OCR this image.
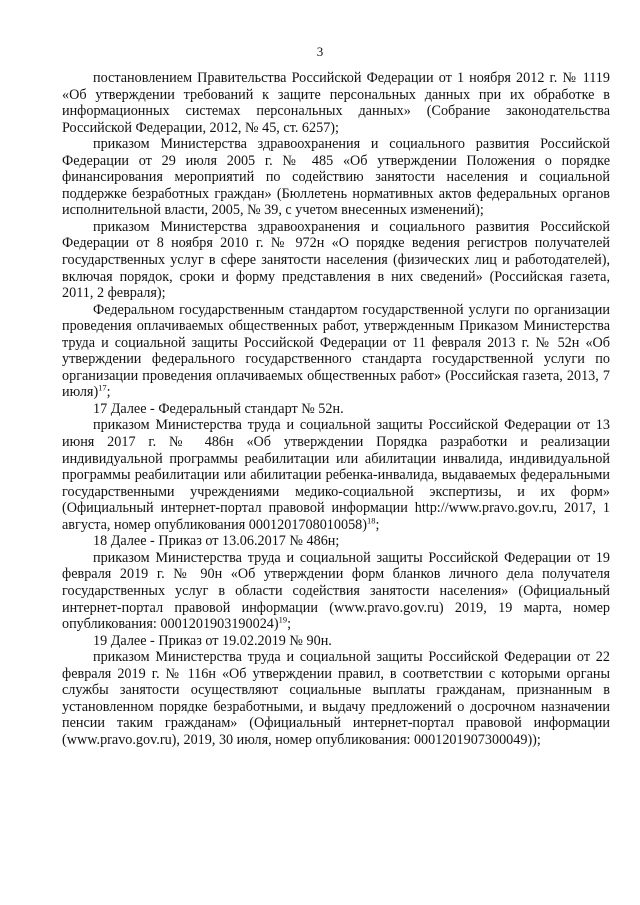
3

постановлением Правительства Российской Федерации от 1 ноября 2012 г. № 1119 «Об утверждении требований к защите персональных данных при их обработке в информационных системах персональных данных» (Собрание законодательства Российской Федерации, 2012, № 45, ст. 6257);

приказом Министерства здравоохранения и социального развития Российской Федерации от 29 июля 2005 г. № 485 «Об утверждении Положения о порядке финансирования мероприятий по содействию занятости населения и социальной поддержке безработных граждан» (Бюллетень нормативных актов федеральных органов исполнительной власти, 2005, № 39, с учетом внесенных изменений);

приказом Министерства здравоохранения и социального развития Российской Федерации от 8 ноября 2010 г. № 972н «О порядке ведения регистров получателей государственных услуг в сфере занятости населения (физических лиц и работодателей), включая порядок, сроки и форму представления в них сведений» (Российская газета, 2011, 2 февраля);

Федеральном государственным стандартом государственной услуги по организации проведения оплачиваемых общественных работ, утвержденным Приказом Министерства труда и социальной защиты Российской Федерации от 11 февраля 2013 г. № 52н «Об утверждении федерального государственного стандарта государственной услуги по организации проведения оплачиваемых общественных работ» (Российская газета, 2013, 7 июля)$^{17}$;

17 Далее - Федеральный стандарт № 52н.

приказом Министерства труда и социальной защиты Российской Федерации от 13 июня 2017 г. № 486н «Об утверждении Порядка разработки и реализации индивидуальной программы реабилитации или абилитации инвалида, индивидуальной программы реабилитации или абилитации ребенка-инвалида, выдаваемых федеральными государственными учреждениями медико-социальной экспертизы, и их форм» (Официальный интернет-портал правовой информации http://www.pravo.gov.ru, 2017, 1 августа, номер опубликования 0001201708010058)$^{18}$;

18 Далее - Приказ от 13.06.2017 № 486н;

приказом Министерства труда и социальной защиты Российской Федерации от 19 февраля 2019 г. № 90н «Об утверждении форм бланков личного дела получателя государственных услуг в области содействия занятости населения» (Официальный интернет-портал правовой информации (www.pravo.gov.ru) 2019, 19 марта, номер опубликования: 0001201903190024)$^{19}$;

19 Далее - Приказ от 19.02.2019 № 90н.

приказом Министерства труда и социальной защиты Российской Федерации от 22 февраля 2019 г. № 116н «Об утверждении правил, в соответствии с которыми органы службы занятости осуществляют социальные выплаты гражданам, признанным в установленном порядке безработными, и выдачу предложений о досрочном назначении пенсии таким гражданам» (Официальный интернет-портал правовой информации (www.pravo.gov.ru), 2019, 30 июля, номер опубликования: 0001201907300049));
